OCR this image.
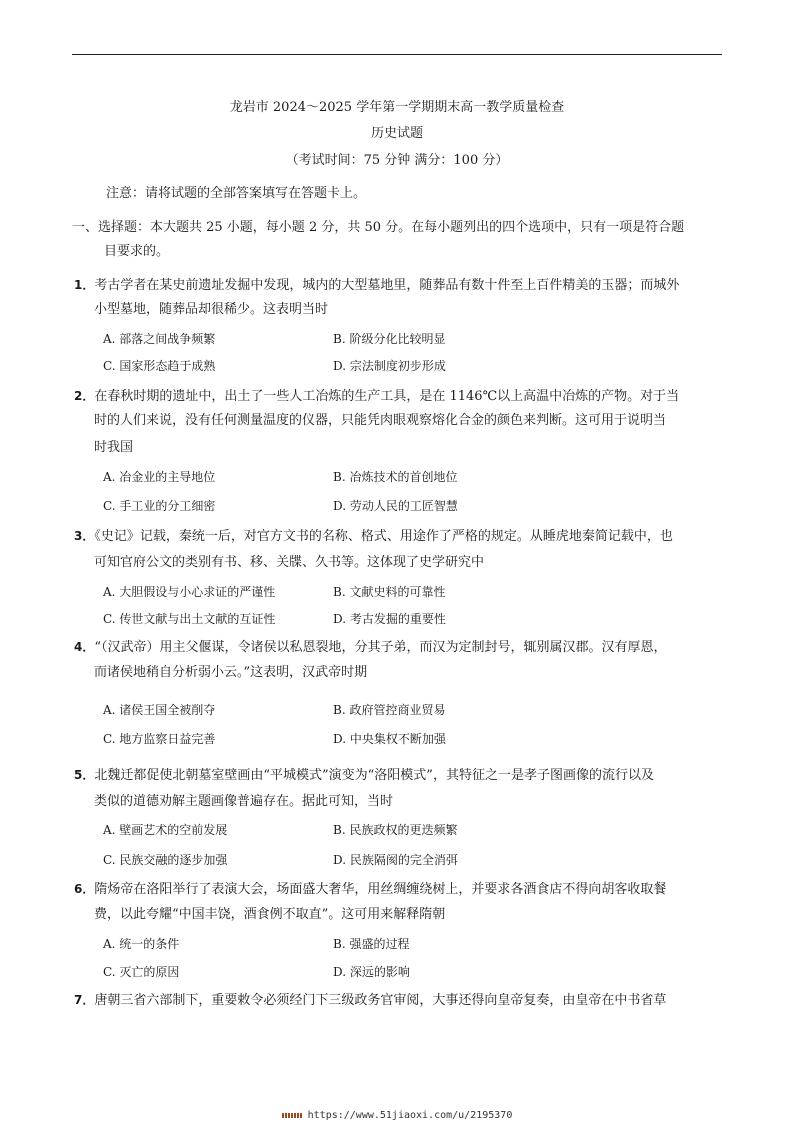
龙岩市 2024～2025 学年第一学期期末高一教学质量检查
历史试题
（考试时间：75 分钟 满分：100 分）
注意：请将试题的全部答案填写在答题卡上。
一、选择题：本大题共 25 小题，每小题 2 分，共 50 分。在每小题列出的四个选项中，只有一项是符合题
目要求的。
1．考古学者在某史前遗址发掘中发现，城内的大型墓地里，随葬品有数十件至上百件精美的玉器；而城外
小型墓地，随葬品却很稀少。这表明当时
A. 部落之间战争频繁	B. 阶级分化比较明显
C. 国家形态趋于成熟	D. 宗法制度初步形成
2．在春秋时期的遗址中，出土了一些人工冶炼的生产工具，是在 1146℃以上高温中冶炼的产物。对于当
时的人们来说，没有任何测量温度的仪器，只能凭肉眼观察熔化合金的颜色来判断。这可用于说明当
时我国
A. 冶金业的主导地位	B. 冶炼技术的首创地位
C. 手工业的分工细密	D. 劳动人民的工匠智慧
3．《史记》记载，秦统一后，对官方文书的名称、格式、用途作了严格的规定。从睡虎地秦简记载中，也
可知官府公文的类别有书、移、关牒、久书等。这体现了史学研究中
A. 大胆假设与小心求证的严谨性	B. 文献史料的可靠性
C. 传世文献与出土文献的互证性	D. 考古发掘的重要性
4．“（汉武帝）用主父偃谋，令诸侯以私恩裂地，分其子弟，而汉为定制封号，辄别属汉郡。汉有厚恩，
而诸侯地稍自分析弱小云。”这表明，汉武帝时期
A. 诸侯王国全被削夺	B. 政府管控商业贸易
C. 地方监察日益完善	D. 中央集权不断加强
5．北魏迁都促使北朝墓室壁画由“平城模式”演变为“洛阳模式”，其特征之一是孝子图画像的流行以及
类似的道德劝解主题画像普遍存在。据此可知，当时
A. 壁画艺术的空前发展	B. 民族政权的更迭频繁
C. 民族交融的逐步加强	D. 民族隔阂的完全消弭
6．隋炀帝在洛阳举行了表演大会，场面盛大奢华，用丝绸缠绕树上，并要求各酒食店不得向胡客收取餐
费，以此夸耀“中国丰饶，酒食例不取直”。这可用来解释隋朝
A. 统一的条件	B. 强盛的过程
C. 灭亡的原因	D. 深远的影响
7．唐朝三省六部制下，重要敕令必须经门下三级政务官审阅，大事还得向皇帝复奏，由皇帝在中书省草
https://www.51jiaoxi.com/u/2195370
